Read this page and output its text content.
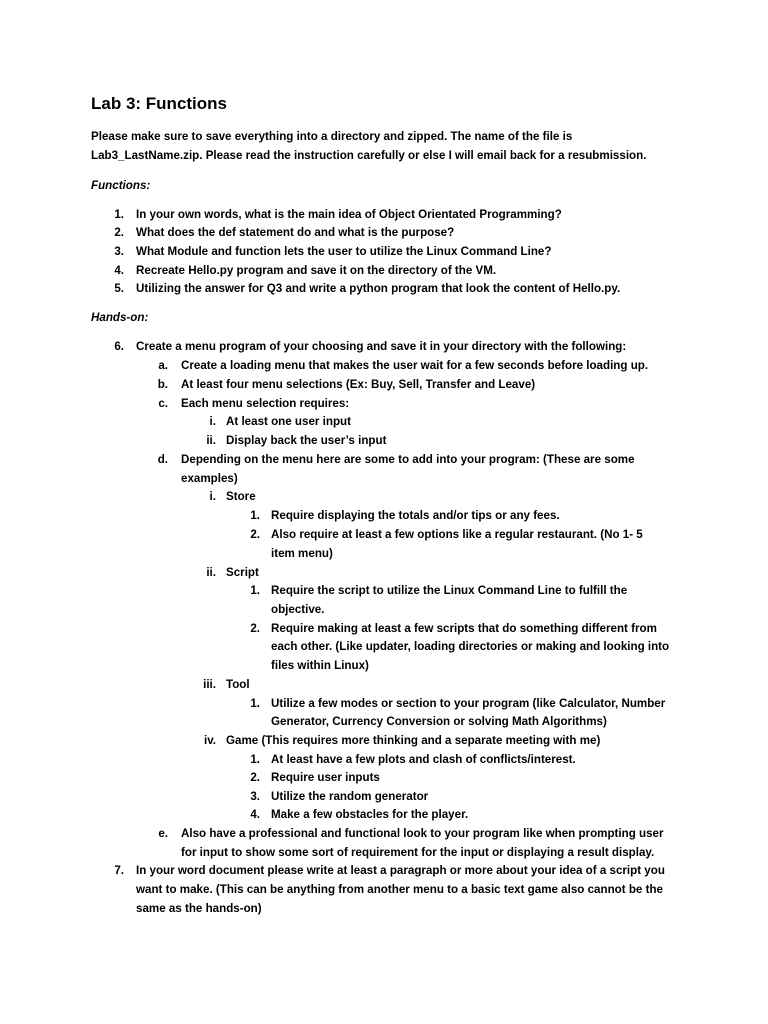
Lab 3: Functions
Please make sure to save everything into a directory and zipped. The name of the file is
Lab3_LastName.zip. Please read the instruction carefully or else I will email back for a resubmission.
Functions:
1. In your own words, what is the main idea of Object Orientated Programming?
2. What does the def statement do and what is the purpose?
3. What Module and function lets the user to utilize the Linux Command Line?
4. Recreate Hello.py program and save it on the directory of the VM.
5. Utilizing the answer for Q3 and write a python program that look the content of Hello.py.
Hands-on:
6. Create a menu program of your choosing and save it in your directory with the following:
a. Create a loading menu that makes the user wait for a few seconds before loading up.
b. At least four menu selections (Ex: Buy, Sell, Transfer and Leave)
c. Each menu selection requires:
i. At least one user input
ii. Display back the user’s input
d. Depending on the menu here are some to add into your program: (These are some
examples)
i. Store
1. Require displaying the totals and/or tips or any fees.
2. Also require at least a few options like a regular restaurant. (No 1- 5
item menu)
ii. Script
1. Require the script to utilize the Linux Command Line to fulfill the
objective.
2. Require making at least a few scripts that do something different from
each other. (Like updater, loading directories or making and looking into
files within Linux)
iii. Tool
1. Utilize a few modes or section to your program (like Calculator, Number
Generator, Currency Conversion or solving Math Algorithms)
iv. Game (This requires more thinking and a separate meeting with me)
1. At least have a few plots and clash of conflicts/interest.
2. Require user inputs
3. Utilize the random generator
4. Make a few obstacles for the player.
e. Also have a professional and functional look to your program like when prompting user
for input to show some sort of requirement for the input or displaying a result display.
7. In your word document please write at least a paragraph or more about your idea of a script you
want to make. (This can be anything from another menu to a basic text game also cannot be the
same as the hands-on)
